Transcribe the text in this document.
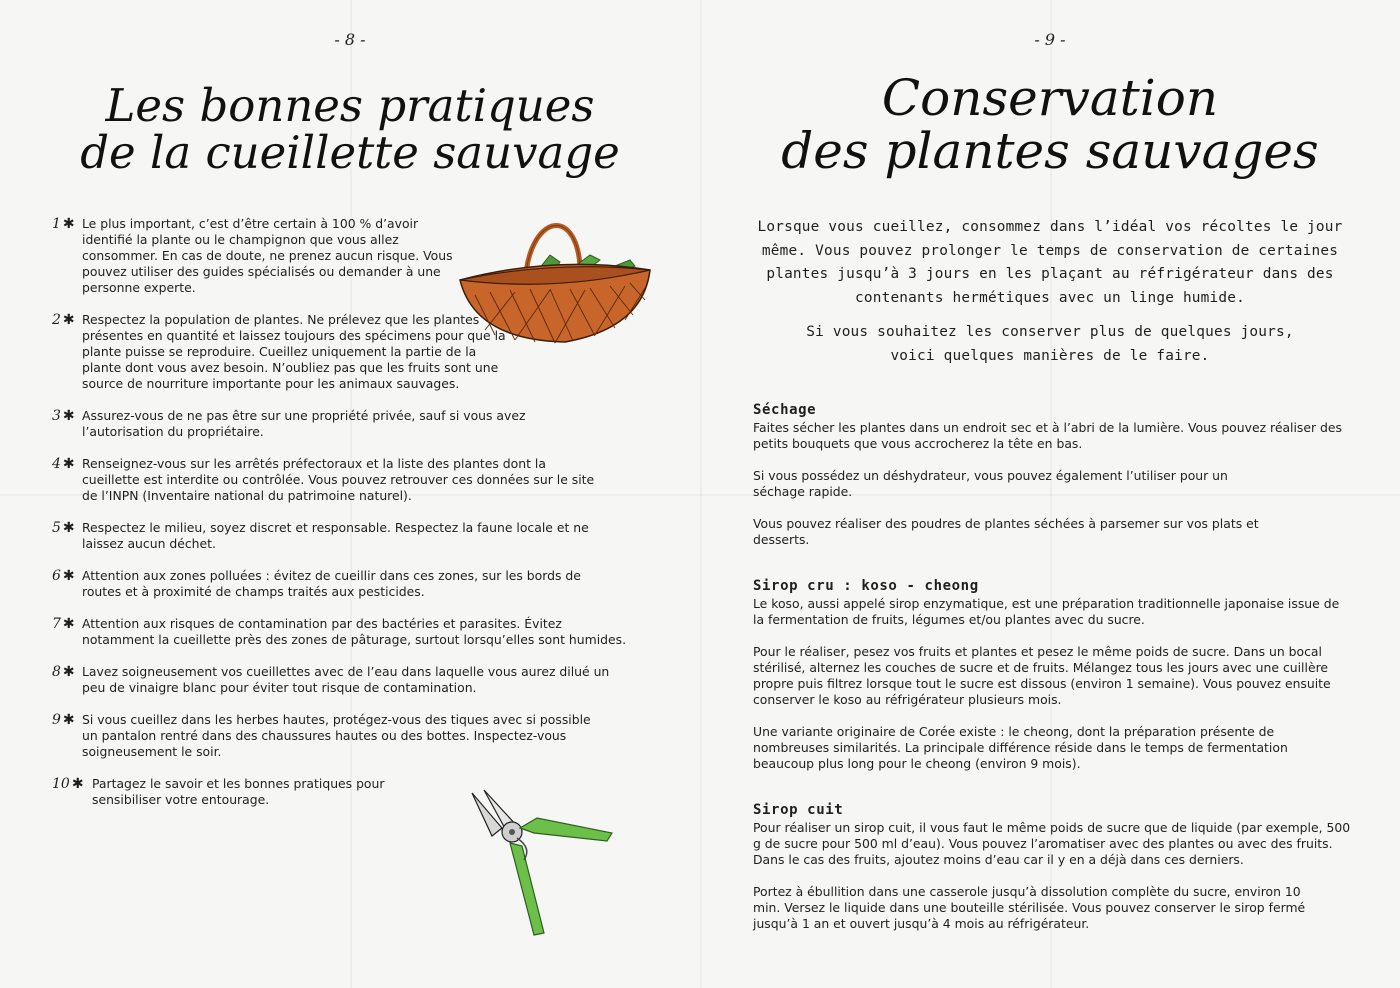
- 8 -
Les bonnes pratiques
de la cueillette sauvage
1 ✱ Le plus important, c’est d’être certain à 100 % d’avoir identifié la plante ou le champignon que vous allez consommer. En cas de doute, ne prenez aucun risque. Vous pouvez utiliser des guides spécialisés ou demander à une personne experte.
2 ✱ Respectez la population de plantes. Ne prélevez que les plantes présentes en quantité et laissez toujours des spécimens pour que la plante puisse se reproduire. Cueillez uniquement la partie de la plante dont vous avez besoin. N’oubliez pas que les fruits sont une source de nourriture importante pour les animaux sauvages.
3 ✱ Assurez-vous de ne pas être sur une propriété privée, sauf si vous avez l’autorisation du propriétaire.
4 ✱ Renseignez-vous sur les arrêtés préfectoraux et la liste des plantes dont la cueillette est interdite ou contrôlée. Vous pouvez retrouver ces données sur le site de l’INPN (Inventaire national du patrimoine naturel).
5 ✱ Respectez le milieu, soyez discret et responsable. Respectez la faune locale et ne laissez aucun déchet.
6 ✱ Attention aux zones polluées : évitez de cueillir dans ces zones, sur les bords de routes et à proximité de champs traités aux pesticides.
7 ✱ Attention aux risques de contamination par des bactéries et parasites. Évitez notamment la cueillette près des zones de pâturage, surtout lorsqu’elles sont humides.
8 ✱ Lavez soigneusement vos cueillettes avec de l’eau dans laquelle vous aurez dilué un peu de vinaigre blanc pour éviter tout risque de contamination.
9 ✱ Si vous cueillez dans les herbes hautes, protégez-vous des tiques avec si possible un pantalon rentré dans des chaussures hautes ou des bottes. Inspectez-vous soigneusement le soir.
10 ✱ Partagez le savoir et les bonnes pratiques pour sensibiliser votre entourage.
- 9 -
Conservation
des plantes sauvages

Lorsque vous cueillez, consommez dans l’idéal vos récoltes le jour même. Vous pouvez prolonger le temps de conservation de certaines plantes jusqu’à 3 jours en les plaçant au réfrigérateur dans des contenants hermétiques avec un linge humide.

Si vous souhaitez les conserver plus de quelques jours, voici quelques manières de le faire.

Séchage

Faites sécher les plantes dans un endroit sec et à l’abri de la lumière. Vous pouvez réaliser des petits bouquets que vous accrocherez la tête en bas.

Si vous possédez un déshydrateur, vous pouvez également l’utiliser pour un séchage rapide.

Vous pouvez réaliser des poudres de plantes séchées à parsemer sur vos plats et desserts.

Sirop cru : koso - cheong

Le koso, aussi appelé sirop enzymatique, est une préparation traditionnelle japonaise issue de la fermentation de fruits, légumes et/ou plantes avec du sucre.

Pour le réaliser, pesez vos fruits et plantes et pesez le même poids de sucre. Dans un bocal stérilisé, alternez les couches de sucre et de fruits. Mélangez tous les jours avec une cuillère propre puis filtrez lorsque tout le sucre est dissous (environ 1 semaine). Vous pouvez ensuite conserver le koso au réfrigérateur plusieurs mois.

Une variante originaire de Corée existe : le cheong, dont la préparation présente de nombreuses similarités. La principale différence réside dans le temps de fermentation beaucoup plus long pour le cheong (environ 9 mois).

Sirop cuit

Pour réaliser un sirop cuit, il vous faut le même poids de sucre que de liquide (par exemple, 500 g de sucre pour 500 ml d’eau). Vous pouvez l’aromatiser avec des plantes ou avec des fruits. Dans le cas des fruits, ajoutez moins d’eau car il y en a déjà dans ces derniers.

Portez à ébullition dans une casserole jusqu’à dissolution complète du sucre, environ 10 min. Versez le liquide dans une bouteille stérilisée. Vous pouvez conserver le sirop fermé jusqu’à 1 an et ouvert jusqu’à 4 mois au réfrigérateur.
